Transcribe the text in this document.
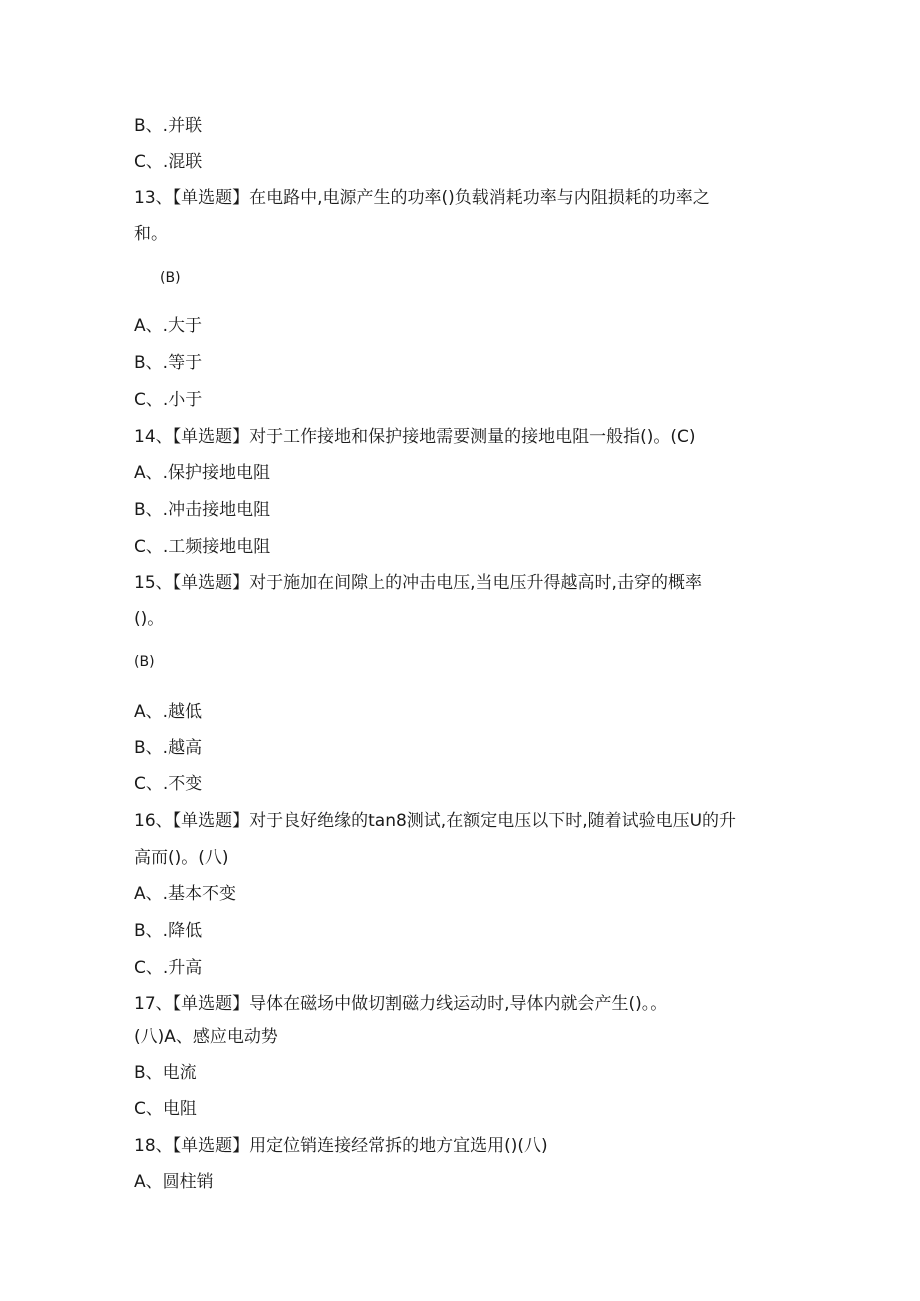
B、.并联
C、.混联
13、【单选题】在电路中,电源产生的功率()负载消耗功率与内阻损耗的功率之
和。
(B)
A、.大于
B、.等于
C、.小于
14、【单选题】对于工作接地和保护接地需要测量的接地电阻一般指()。(C)
A、.保护接地电阻
B、.冲击接地电阻
C、.工频接地电阻
15、【单选题】对于施加在间隙上的冲击电压,当电压升得越高时,击穿的概率
()。
(B)
A、.越低
B、.越高
C、.不变
16、【单选题】对于良好绝缘的tan8测试,在额定电压以下时,随着试验电压U的升
高而()。(八)
A、.基本不变
B、.降低
C、.升高
17、【单选题】导体在磁场中做切割磁力线运动时,导体内就会产生()。。
(八)A、感应电动势
B、电流
C、电阻
18、【单选题】用定位销连接经常拆的地方宜选用()(八)
A、圆柱销
